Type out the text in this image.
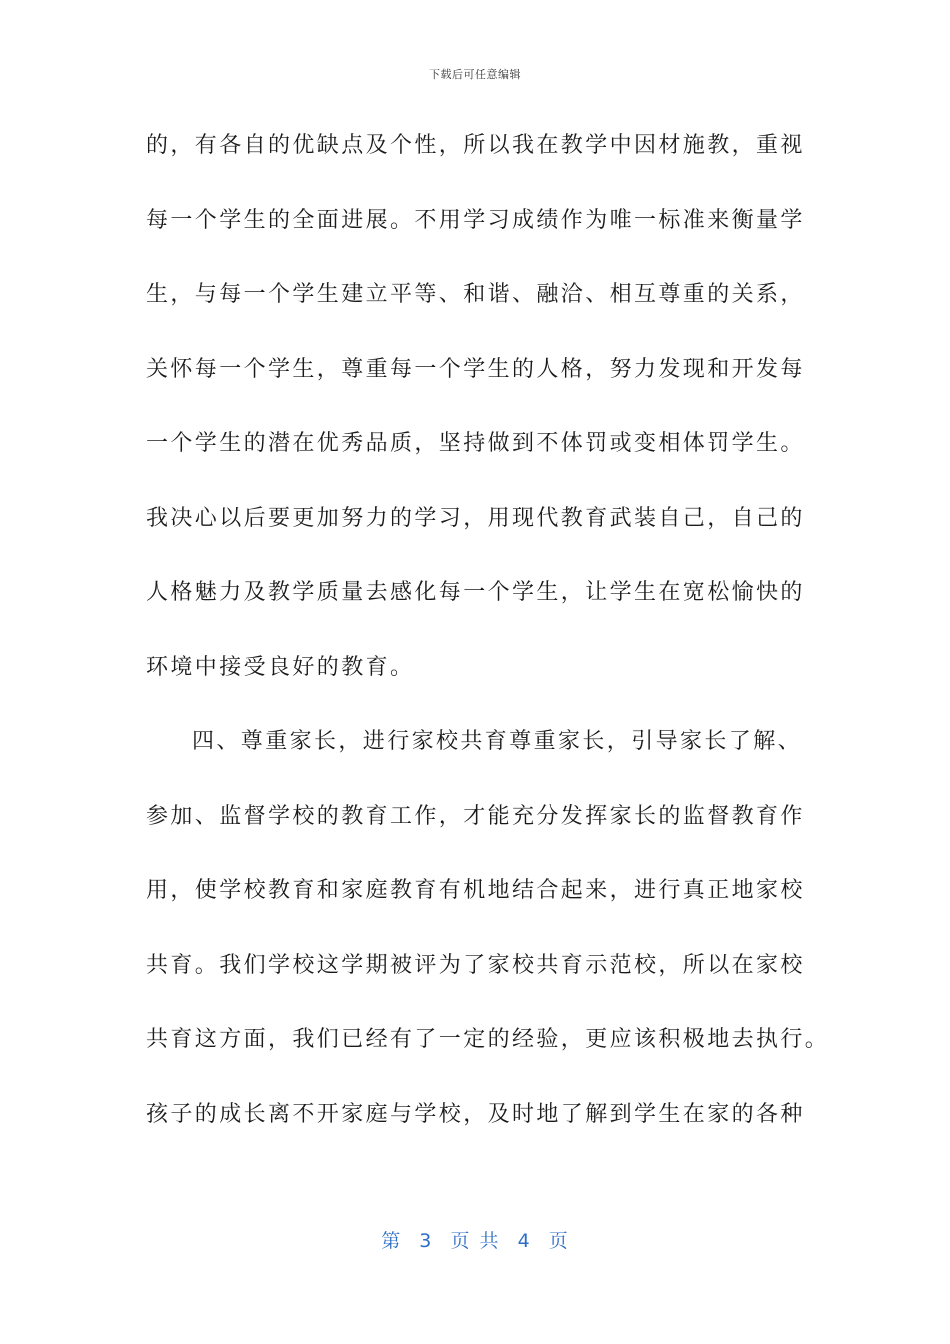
下载后可任意编辑
的，有各自的优缺点及个性，所以我在教学中因材施教，重视
每一个学生的全面进展。不用学习成绩作为唯一标准来衡量学
生，与每一个学生建立平等、和谐、融洽、相互尊重的关系，
关怀每一个学生，尊重每一个学生的人格，努力发现和开发每
一个学生的潜在优秀品质，坚持做到不体罚或变相体罚学生。
我决心以后要更加努力的学习，用现代教育武装自己，自己的
人格魅力及教学质量去感化每一个学生，让学生在宽松愉快的
环境中接受良好的教育。
四、尊重家长，进行家校共育尊重家长，引导家长了解、
参加、监督学校的教育工作，才能充分发挥家长的监督教育作
用，使学校教育和家庭教育有机地结合起来，进行真正地家校
共育。我们学校这学期被评为了家校共育示范校，所以在家校
共育这方面，我们已经有了一定的经验，更应该积极地去执行。
孩子的成长离不开家庭与学校，及时地了解到学生在家的各种
第  3  页 共  4  页
